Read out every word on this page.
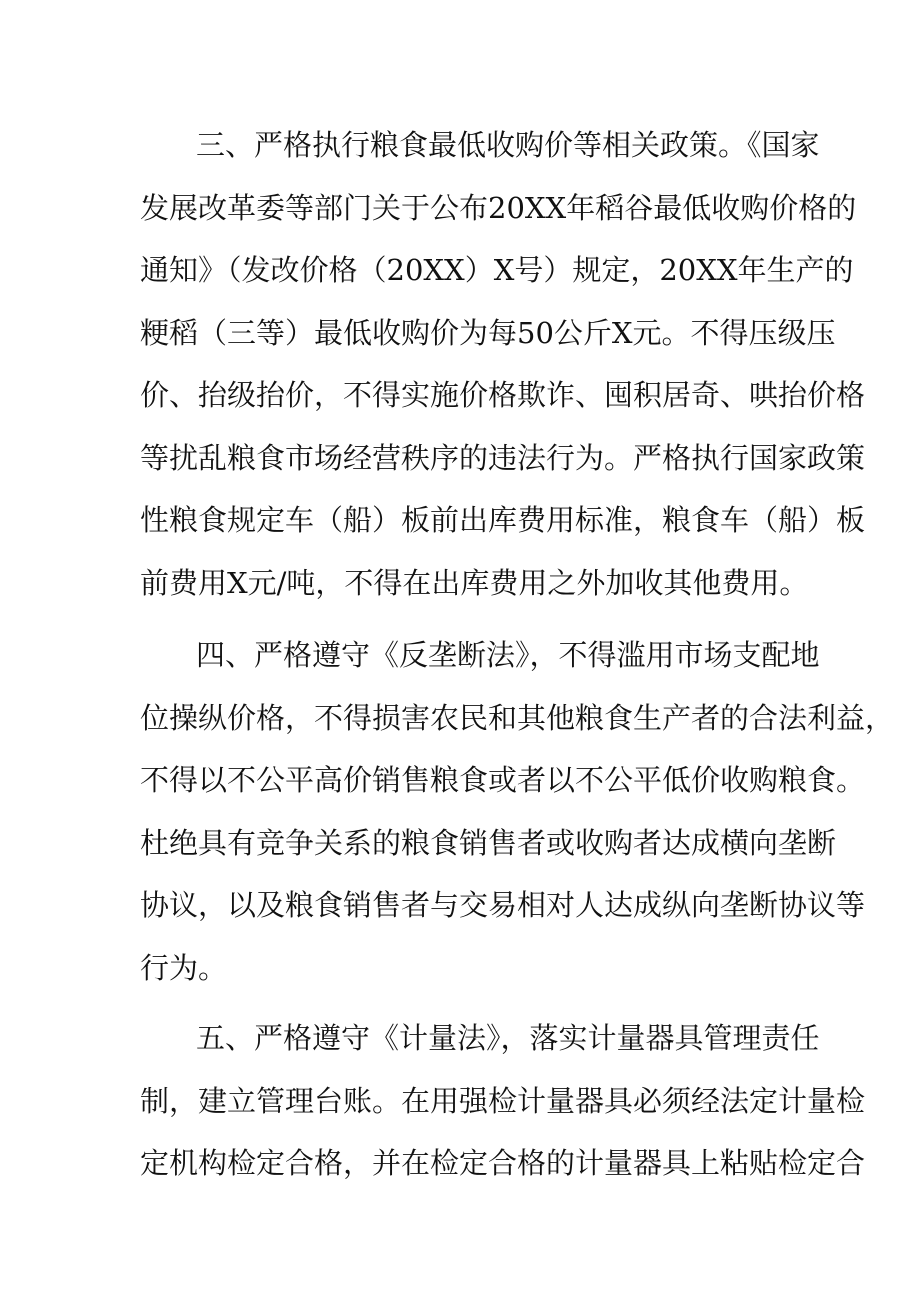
三、严格执行粮食最低收购价等相关政策。《国家
发展改革委等部门关于公布20XX年稻谷最低收购价格的
通知》（发改价格（20XX）X号）规定，20XX年生产的
粳稻（三等）最低收购价为每50公斤X元。不得压级压
价、抬级抬价，不得实施价格欺诈、囤积居奇、哄抬价格
等扰乱粮食市场经营秩序的违法行为。严格执行国家政策
性粮食规定车（船）板前出库费用标准，粮食车（船）板
前费用X元/吨，不得在出库费用之外加收其他费用。
四、严格遵守《反垄断法》，不得滥用市场支配地
位操纵价格，不得损害农民和其他粮食生产者的合法利益，
不得以不公平高价销售粮食或者以不公平低价收购粮食。
杜绝具有竞争关系的粮食销售者或收购者达成横向垄断
协议，以及粮食销售者与交易相对人达成纵向垄断协议等
行为。
五、严格遵守《计量法》，落实计量器具管理责任
制，建立管理台账。在用强检计量器具必须经法定计量检
定机构检定合格，并在检定合格的计量器具上粘贴检定合
